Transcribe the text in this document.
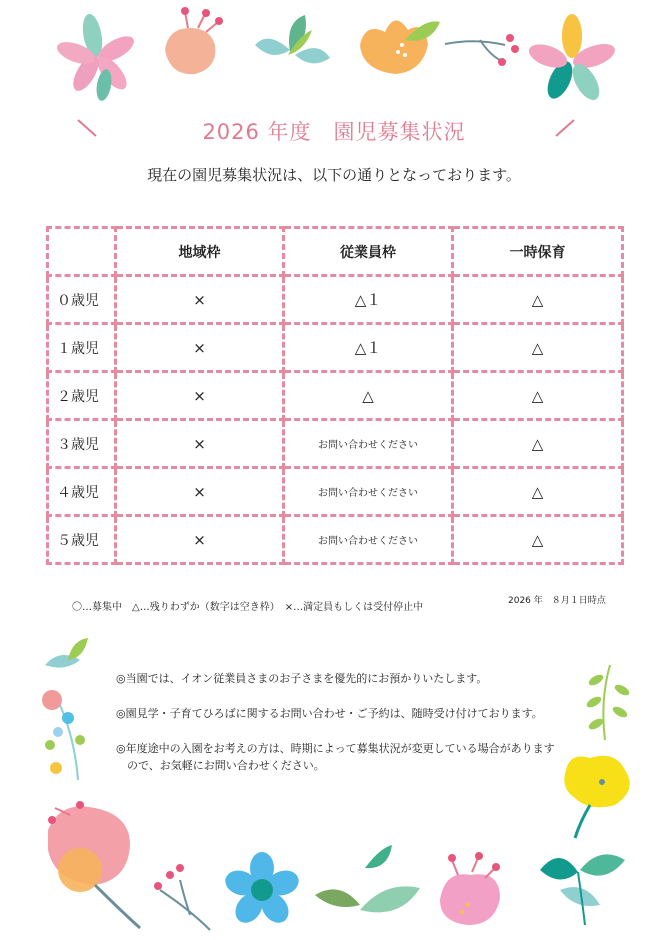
2026 年度　園児募集状況
現在の園児募集状況は、以下の通りとなっております。
	地域枠	従業員枠	一時保育
０歳児	×	△１	△
１歳児	×	△１	△
２歳児	×	△	△
３歳児	×	お問い合わせください	△
４歳児	×	お問い合わせください	△
５歳児	×	お問い合わせください	△
〇…募集中　△…残りわずか（数字は空き枠）　×…満定員もしくは受付停止中
2026 年　８月１日時点

◎当園では、イオン従業員さまのお子さまを優先的にお預かりいたします。

◎園見学・子育てひろばに関するお問い合わせ・ご予約は、随時受け付けております。

◎年度途中の入園をお考えの方は、時期によって募集状況が変更している場合があります
　ので、お気軽にお問い合わせください。
